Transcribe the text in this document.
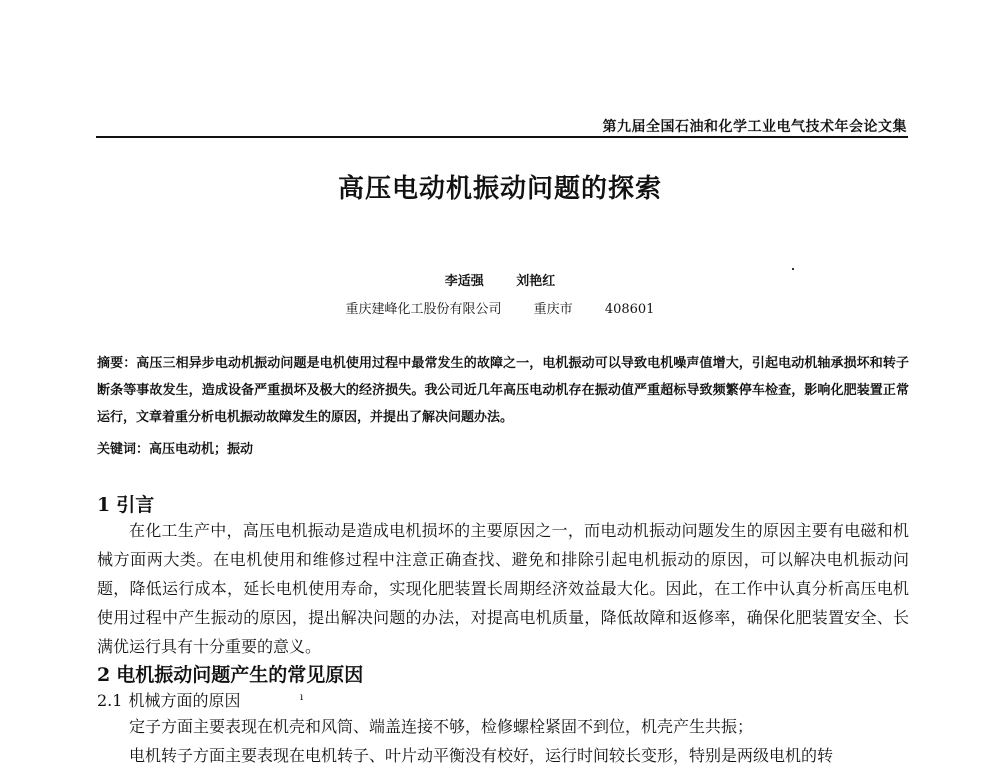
第九届全国石油和化学工业电气技术年会论文集
高压电动机振动问题的探索
李适强	刘艳红
重庆建峰化工股份有限公司 重庆市 408601
摘要：高压三相异步电动机振动问题是电机使用过程中最常发生的故障之一，电机振动可以导致电机噪声值增大，引起电动机轴承损坏和转子断条等事故发生，造成设备严重损坏及极大的经济损失。我公司近几年高压电动机存在振动值严重超标导致频繁停车检查，影响化肥装置正常运行，文章着重分析电机振动故障发生的原因，并提出了解决问题办法。
关键词：高压电动机；振动
1 引言

在化工生产中，高压电机振动是造成电机损坏的主要原因之一，而电动机振动问题发生的原因主要有电磁和机械方面两大类。在电机使用和维修过程中注意正确查找、避免和排除引起电机振动的原因，可以解决电机振动问题，降低运行成本，延长电机使用寿命，实现化肥装置长周期经济效益最大化。因此，在工作中认真分析高压电机使用过程中产生振动的原因，提出解决问题的办法，对提高电机质量，降低故障和返修率，确保化肥装置安全、长满优运行具有十分重要的意义。

2 电机振动问题产生的常见原因
2.1 机械方面的原因	ı

定子方面主要表现在机壳和风筒、端盖连接不够，检修螺栓紧固不到位，机壳产生共振；

电机转子方面主要表现在电机转子、叶片动平衡没有校好，运行时间较长变形，特别是两级电机的转
